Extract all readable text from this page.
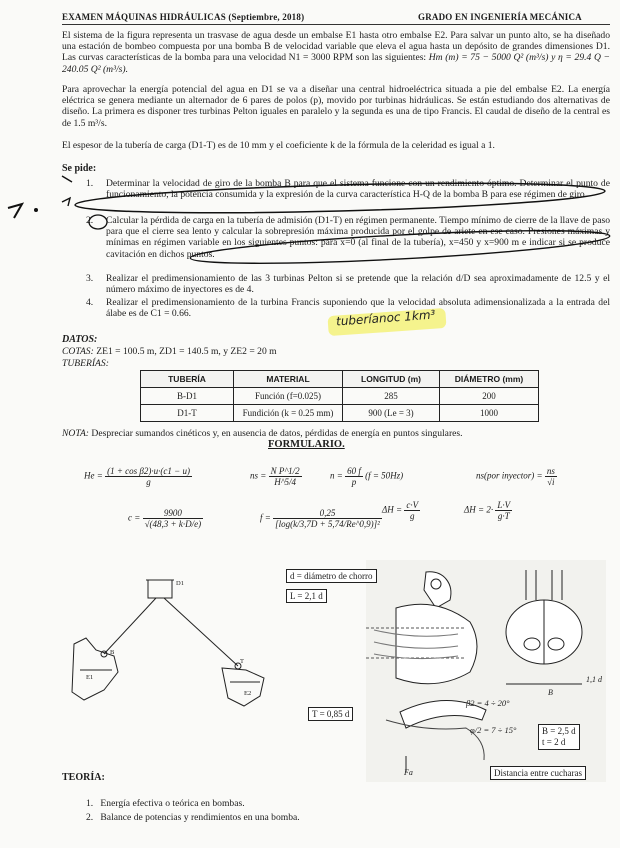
EXAMEN MÁQUINAS HIDRÁULICAS (Septiembre, 2018)	GRADO EN INGENIERÍA MECÁNICA
El sistema de la figura representa un trasvase de agua desde un embalse E1 hasta otro embalse E2. Para salvar un punto alto, se ha diseñado una estación de bombeo compuesta por una bomba B de velocidad variable que eleva el agua hasta un depósito de grandes dimensiones D1. Las curvas características de la bomba para una velocidad N1 = 3000 RPM son las siguientes: Hm (m) = 75 − 5000 Q² (m³/s) y η = 29.4 Q − 240.05 Q² (m³/s).
Para aprovechar la energía potencial del agua en D1 se va a diseñar una central hidroeléctrica situada a pie del embalse E2. La energía eléctrica se genera mediante un alternador de 6 pares de polos (p), movido por turbinas hidráulicas. Se están estudiando dos alternativas de diseño. La primera es disponer tres turbinas Pelton iguales en paralelo y la segunda es una de tipo Francis. El caudal de diseño de la central es de 1.5 m³/s.
El espesor de la tubería de carga (D1-T) es de 10 mm y el coeficiente k de la fórmula de la celeridad es igual a 1.
Se pide:
1. Determinar la velocidad de giro de la bomba B para que el sistema funcione con un rendimiento óptimo. Determinar el punto de funcionamiento, la potencia consumida y la expresión de la curva característica H-Q de la bomba B para ese régimen de giro.
2. Calcular la pérdida de carga en la tubería de admisión (D1-T) en régimen permanente. Tiempo mínimo de cierre de la llave de paso para que el cierre sea lento y calcular la sobrepresión máxima producida por el golpe de ariete en ese caso. Presiones máximas y mínimas en régimen variable en los siguientes puntos: para x=0 (al final de la tubería), x=450 y x=900 m e indicar si se produce cavitación en dichos puntos.
3. Realizar el predimensionamiento de las 3 turbinas Pelton si se pretende que la relación d/D sea aproximadamente de 12.5 y el número máximo de inyectores es de 4.
4. Realizar el predimensionamiento de la turbina Francis suponiendo que la velocidad absoluta adimensionalizada a la entrada del álabe es de C1 = 0.66.	tuberíanoc 1km³
DATOS:
COTAS: ZE1 = 100.5 m, ZD1 = 140.5 m, y ZE2 = 20 m
TUBERÍAS:
TUBERÍA	MATERIAL	LONGITUD (m)	DIÁMETRO (mm)
B-D1	Función (f=0.025)	285	200
D1-T	Fundición (k = 0.25 mm)	900 (Le = 3)	1000
NOTA: Despreciar sumandos cinéticos y, en ausencia de datos, pérdidas de energía en puntos singulares.
FORMULARIO.
$He = \frac{\text{(1 + cos β2)·u·(c1 − u)}}{g}$	ns = $\frac{\text{N P\textasciicircum{}1/2}}{H\^{}5/4}$	$n = \frac{60 f}{p} (f = 50Hz)$	ns(por inyector) = $\frac{ns}{√i}$
$c = \frac{9900}{√(48,3 + k\cdot D/e)}$	$f = \frac{0,25}{\text{[log(k/3,7D + 5,74/Re\textasciicircum{}0,9)]²}}$ $\Delta H = \frac{c\cdot V}{g}$	$\Delta H = 2\cdot \frac{L\cdot V}{g\cdot T}$
D1
B
T
E1
E2
d = diámetro de chorro
L = 2,1 d
T = 0,85 d
β2 = 4 ÷ 20°
φ/2 = 7 ÷ 15°	B = 2,5 d
t = 2 d
1,1 d
B
Fa	Distancia entre cucharas
TEORÍA:
1. Energía efectiva o teórica en bombas.
2. Balance de potencias y rendimientos en una bomba.
